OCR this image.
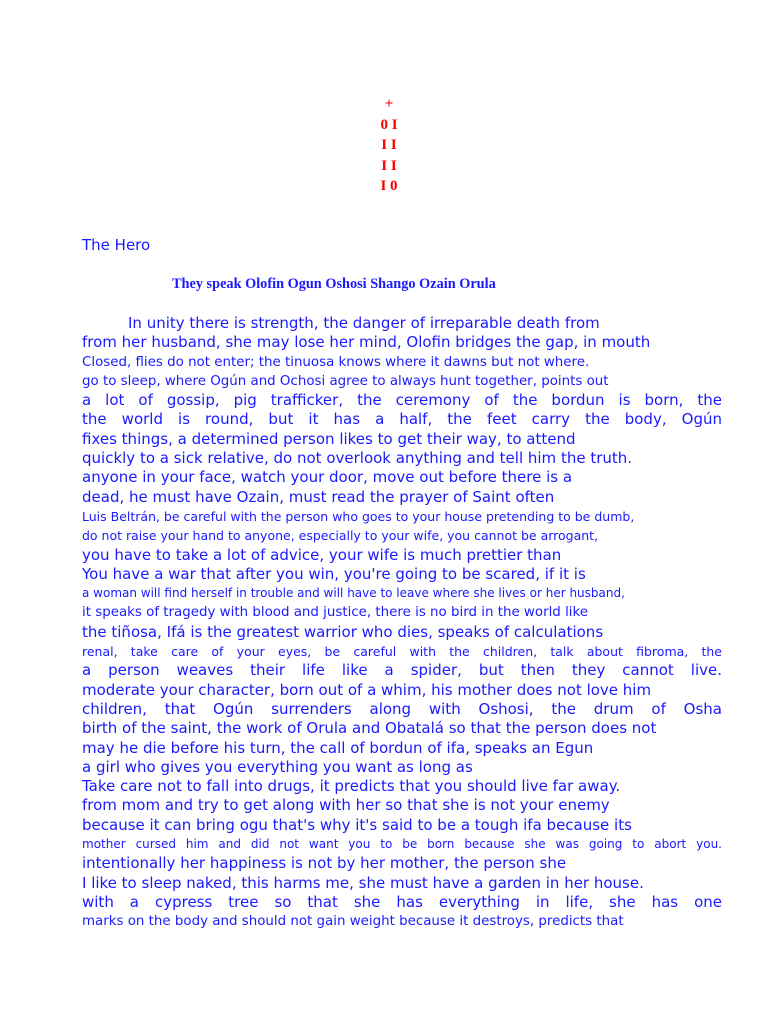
+
0 I
I I
I I
I 0
The Hero
They speak Olofin Ogun Oshosi Shango Ozain Orula
In unity there is strength, the danger of irreparable death from
from her husband, she may lose her mind, Olofin bridges the gap, in mouth
Closed, flies do not enter; the tinuosa knows where it dawns but not where.
go to sleep, where Ogún and Ochosi agree to always hunt together, points out
a lot of gossip, pig trafficker, the ceremony of the bordun is born, the
the world is round, but it has a half, the feet carry the body, Ogún
fixes things, a determined person likes to get their way, to attend
quickly to a sick relative, do not overlook anything and tell him the truth.
anyone in your face, watch your door, move out before there is a
dead, he must have Ozain, must read the prayer of Saint often
Luis Beltrán, be careful with the person who goes to your house pretending to be dumb,
do not raise your hand to anyone, especially to your wife, you cannot be arrogant,
you have to take a lot of advice, your wife is much prettier than
You have a war that after you win, you're going to be scared, if it is
a woman will find herself in trouble and will have to leave where she lives or her husband,
it speaks of tragedy with blood and justice, there is no bird in the world like
the tiñosa, Ifá is the greatest warrior who dies, speaks of calculations
renal, take care of your eyes, be careful with the children, talk about fibroma, the
a person weaves their life like a spider, but then they cannot live.
moderate your character, born out of a whim, his mother does not love him
children, that Ogún surrenders along with Oshosi, the drum of Osha
birth of the saint, the work of Orula and Obatalá so that the person does not
may he die before his turn, the call of bordun of ifa, speaks an Egun
a girl who gives you everything you want as long as
Take care not to fall into drugs, it predicts that you should live far away.
from mom and try to get along with her so that she is not your enemy
because it can bring ogu that's why it's said to be a tough ifa because its
mother cursed him and did not want you to be born because she was going to abort you.
intentionally her happiness is not by her mother, the person she
I like to sleep naked, this harms me, she must have a garden in her house.
with a cypress tree so that she has everything in life, she has one
marks on the body and should not gain weight because it destroys, predicts that
